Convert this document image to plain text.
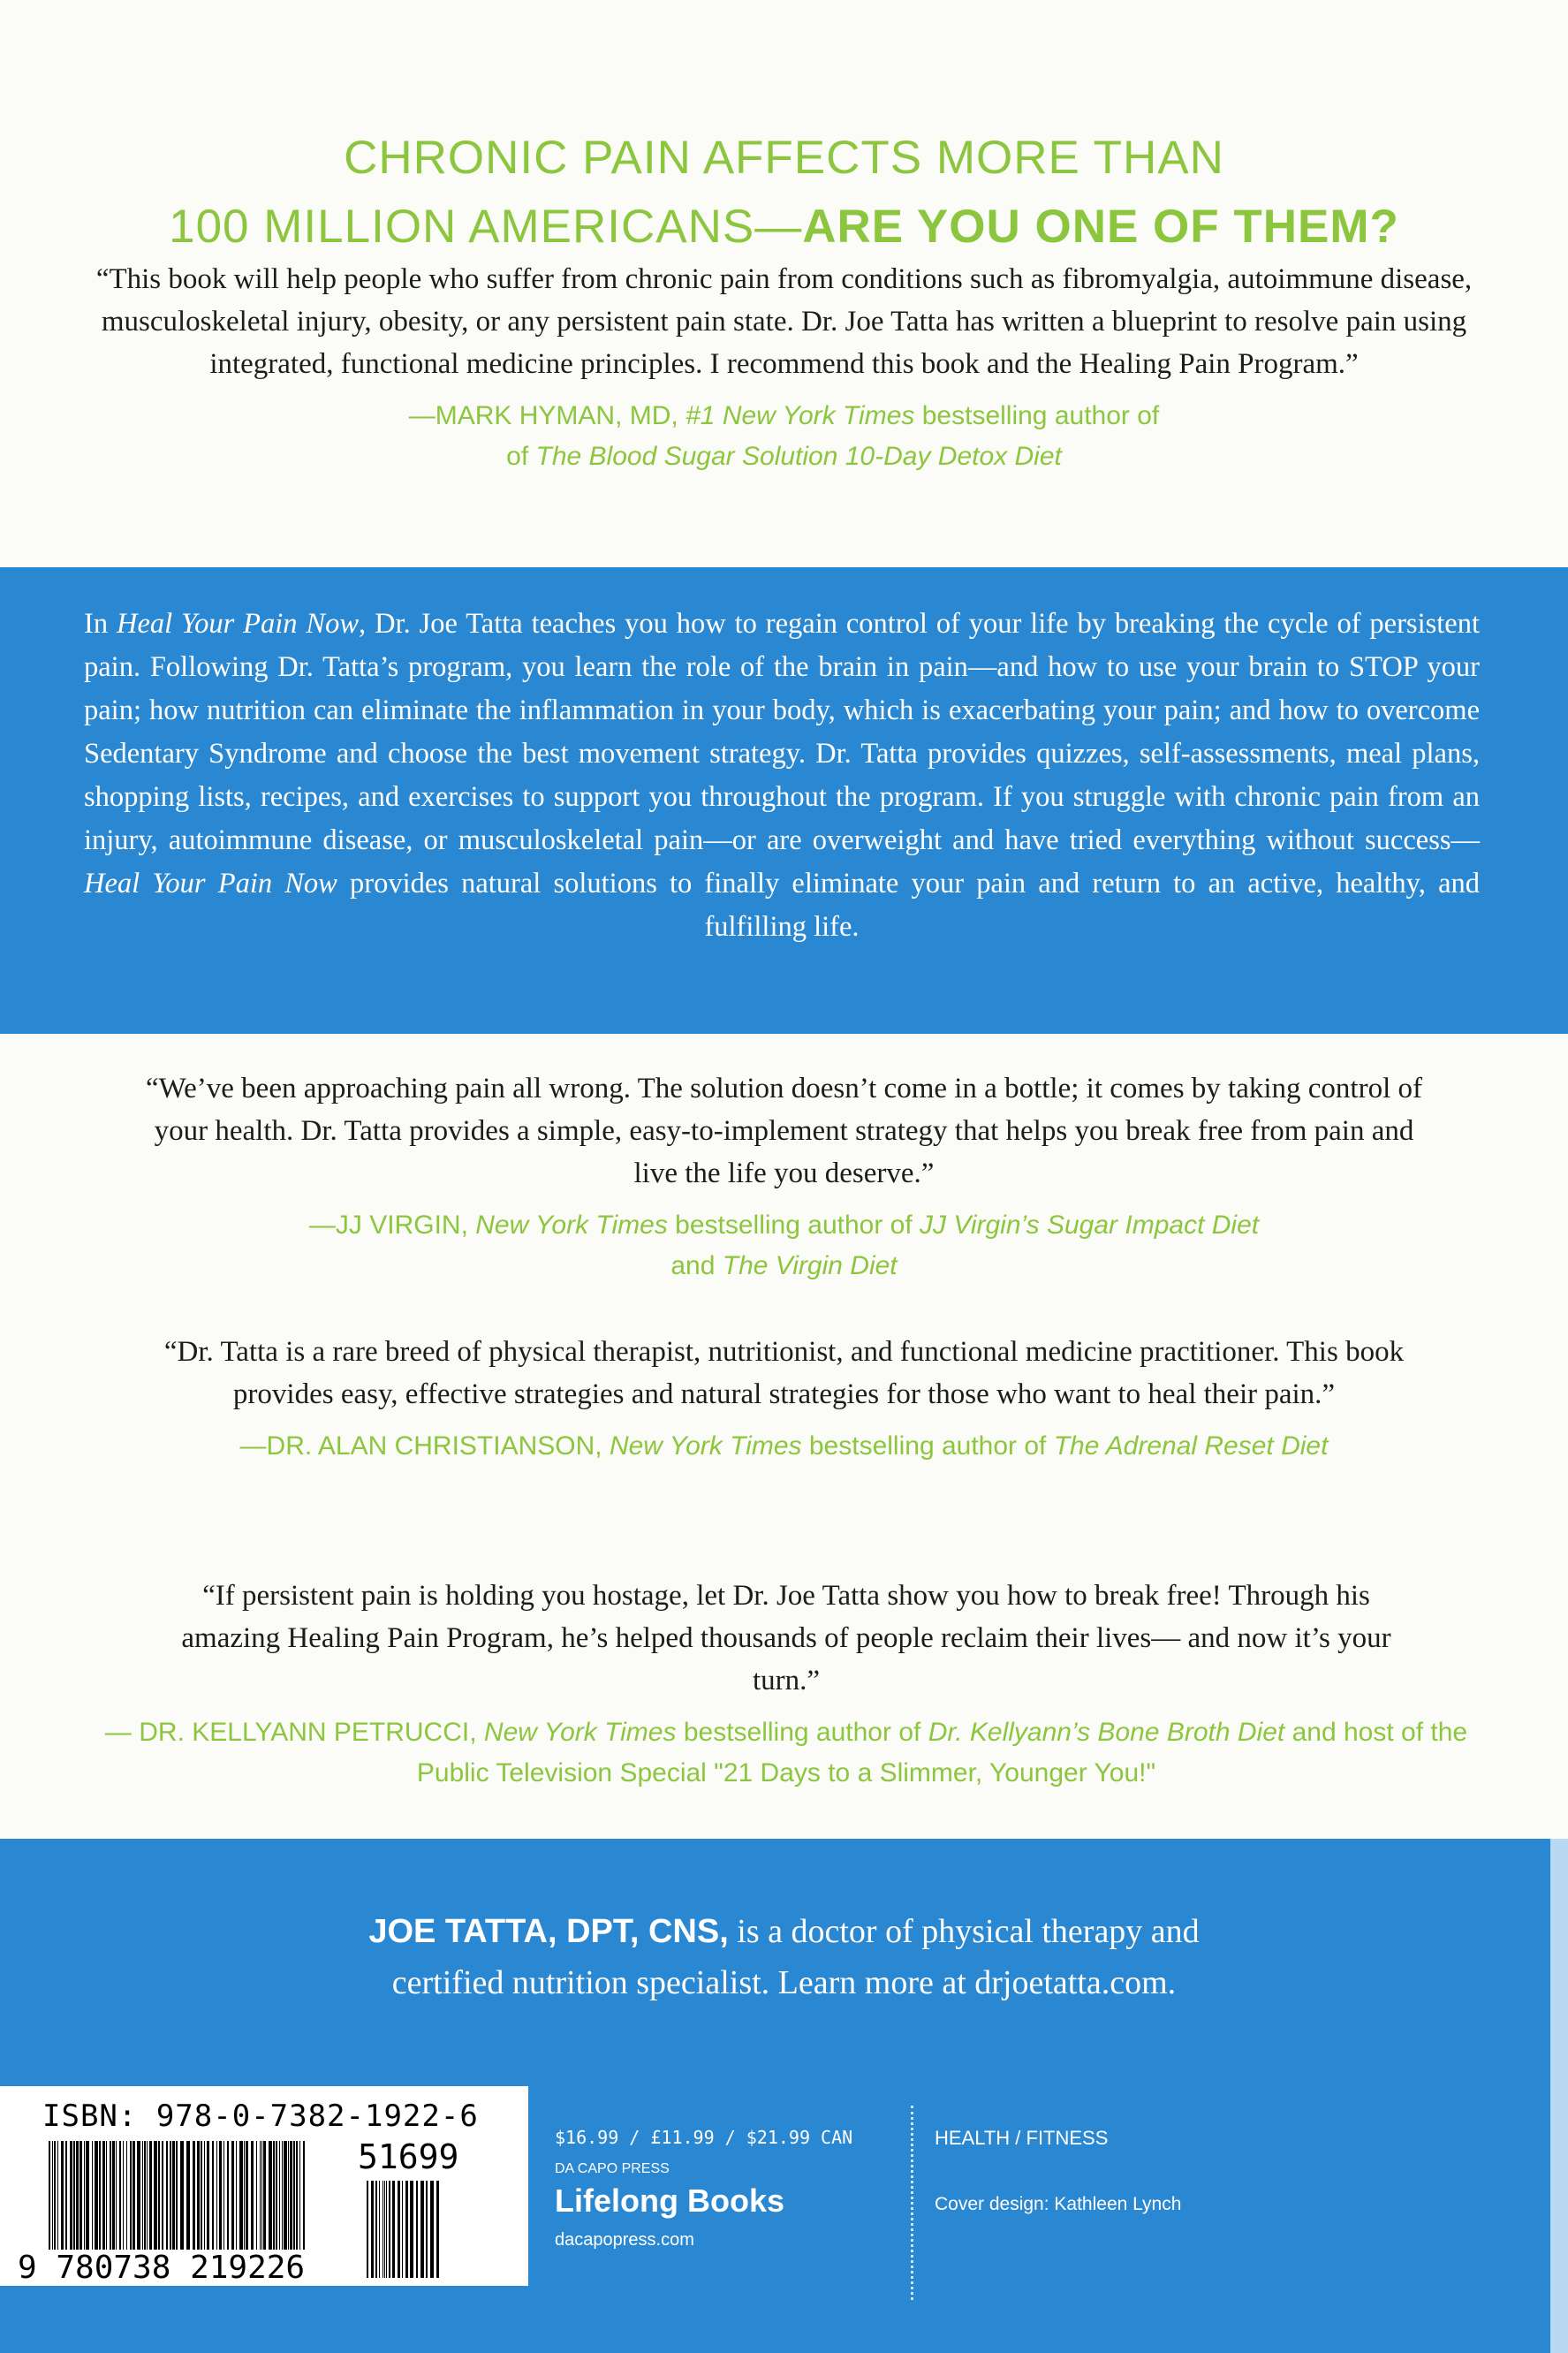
CHRONIC PAIN AFFECTS MORE THAN
100 MILLION AMERICANS—ARE YOU ONE OF THEM?
“This book will help people who suffer from chronic pain from conditions such as fibromyalgia, autoimmune disease, musculoskeletal injury, obesity, or any persistent pain state. Dr. Joe Tatta has written a blueprint to resolve pain using integrated, functional medicine principles. I recommend this book and the Healing Pain Program.”
—MARK HYMAN, MD, #1 New York Times bestselling author of
of The Blood Sugar Solution 10-Day Detox Diet

In Heal Your Pain Now, Dr. Joe Tatta teaches you how to regain control of your life by breaking the cycle of persistent pain. Following Dr. Tatta’s program, you learn the role of the brain in pain—and how to use your brain to STOP your pain; how nutrition can eliminate the inflammation in your body, which is exacerbating your pain; and how to overcome Sedentary Syndrome and choose the best movement strategy. Dr. Tatta provides quizzes, self-assessments, meal plans, shopping lists, recipes, and exercises to support you throughout the program. If you struggle with chronic pain from an injury, autoimmune disease, or musculoskeletal pain—or are overweight and have tried everything without success—Heal Your Pain Now provides natural solutions to finally eliminate your pain and return to an active, healthy, and fulfilling life.

“We’ve been approaching pain all wrong. The solution doesn’t come in a bottle; it comes by taking control of your health. Dr. Tatta provides a simple, easy-to-implement strategy that helps you break free from pain and live the life you deserve.”
—JJ VIRGIN, New York Times bestselling author of JJ Virgin’s Sugar Impact Diet
and The Virgin Diet
“Dr. Tatta is a rare breed of physical therapist, nutritionist, and functional medicine practitioner. This book provides easy, effective strategies and natural strategies for those who want to heal their pain.”
—DR. ALAN CHRISTIANSON, New York Times bestselling author of The Adrenal Reset Diet
“If persistent pain is holding you hostage, let Dr. Joe Tatta show you how to break free! Through his amazing Healing Pain Program, he’s helped thousands of people reclaim their lives— and now it’s your turn.”
— DR. KELLYANN PETRUCCI, New York Times bestselling author of Dr. Kellyann’s Bone Broth Diet and host of the Public Television Special "21 Days to a Slimmer, Younger You!"
JOE TATTA, DPT, CNS, is a doctor of physical therapy and
certified nutrition specialist. Learn more at drjoetatta.com.
ISBN: 978-0-7382-1922-6
9 780738 219226
51699	$16.99 / £11.99 / $21.99 CAN
DA CAPO PRESS
Lifelong Books
dacapopress.com
HEALTH / FITNESS
Cover design: Kathleen Lynch
